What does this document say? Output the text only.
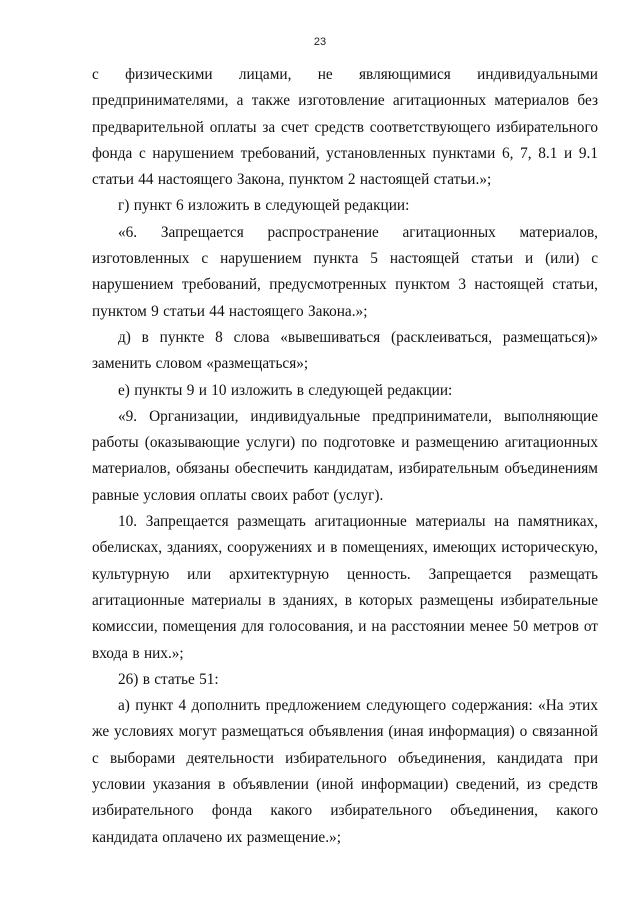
23

с физическими лицами, не являющимися индивидуальными предпринимателями, а также изготовление агитационных материалов без предварительной оплаты за счет средств соответствующего избирательного фонда с нарушением требований, установленных пунктами 6, 7, 8.1 и 9.1 статьи 44 настоящего Закона, пунктом 2 настоящей статьи.»;

г) пункт 6 изложить в следующей редакции:

«6. Запрещается распространение агитационных материалов, изготовленных с нарушением пункта 5 настоящей статьи и (или) с нарушением требований, предусмотренных пунктом 3 настоящей статьи, пунктом 9 статьи 44 настоящего Закона.»;

д) в пункте 8 слова «вывешиваться (расклеиваться, размещаться)» заменить словом «размещаться»;

е) пункты 9 и 10 изложить в следующей редакции:

«9. Организации, индивидуальные предприниматели, выполняющие работы (оказывающие услуги) по подготовке и размещению агитационных материалов, обязаны обеспечить кандидатам, избирательным объединениям равные условия оплаты своих работ (услуг).

10. Запрещается размещать агитационные материалы на памятниках, обелисках, зданиях, сооружениях и в помещениях, имеющих историческую, культурную или архитектурную ценность. Запрещается размещать агитационные материалы в зданиях, в которых размещены избирательные комиссии, помещения для голосования, и на расстоянии менее 50 метров от входа в них.»;

26) в статье 51:

а) пункт 4 дополнить предложением следующего содержания: «На этих же условиях могут размещаться объявления (иная информация) о связанной с выборами деятельности избирательного объединения, кандидата при условии указания в объявлении (иной информации) сведений, из средств избирательного фонда какого избирательного объединения, какого кандидата оплачено их размещение.»;
